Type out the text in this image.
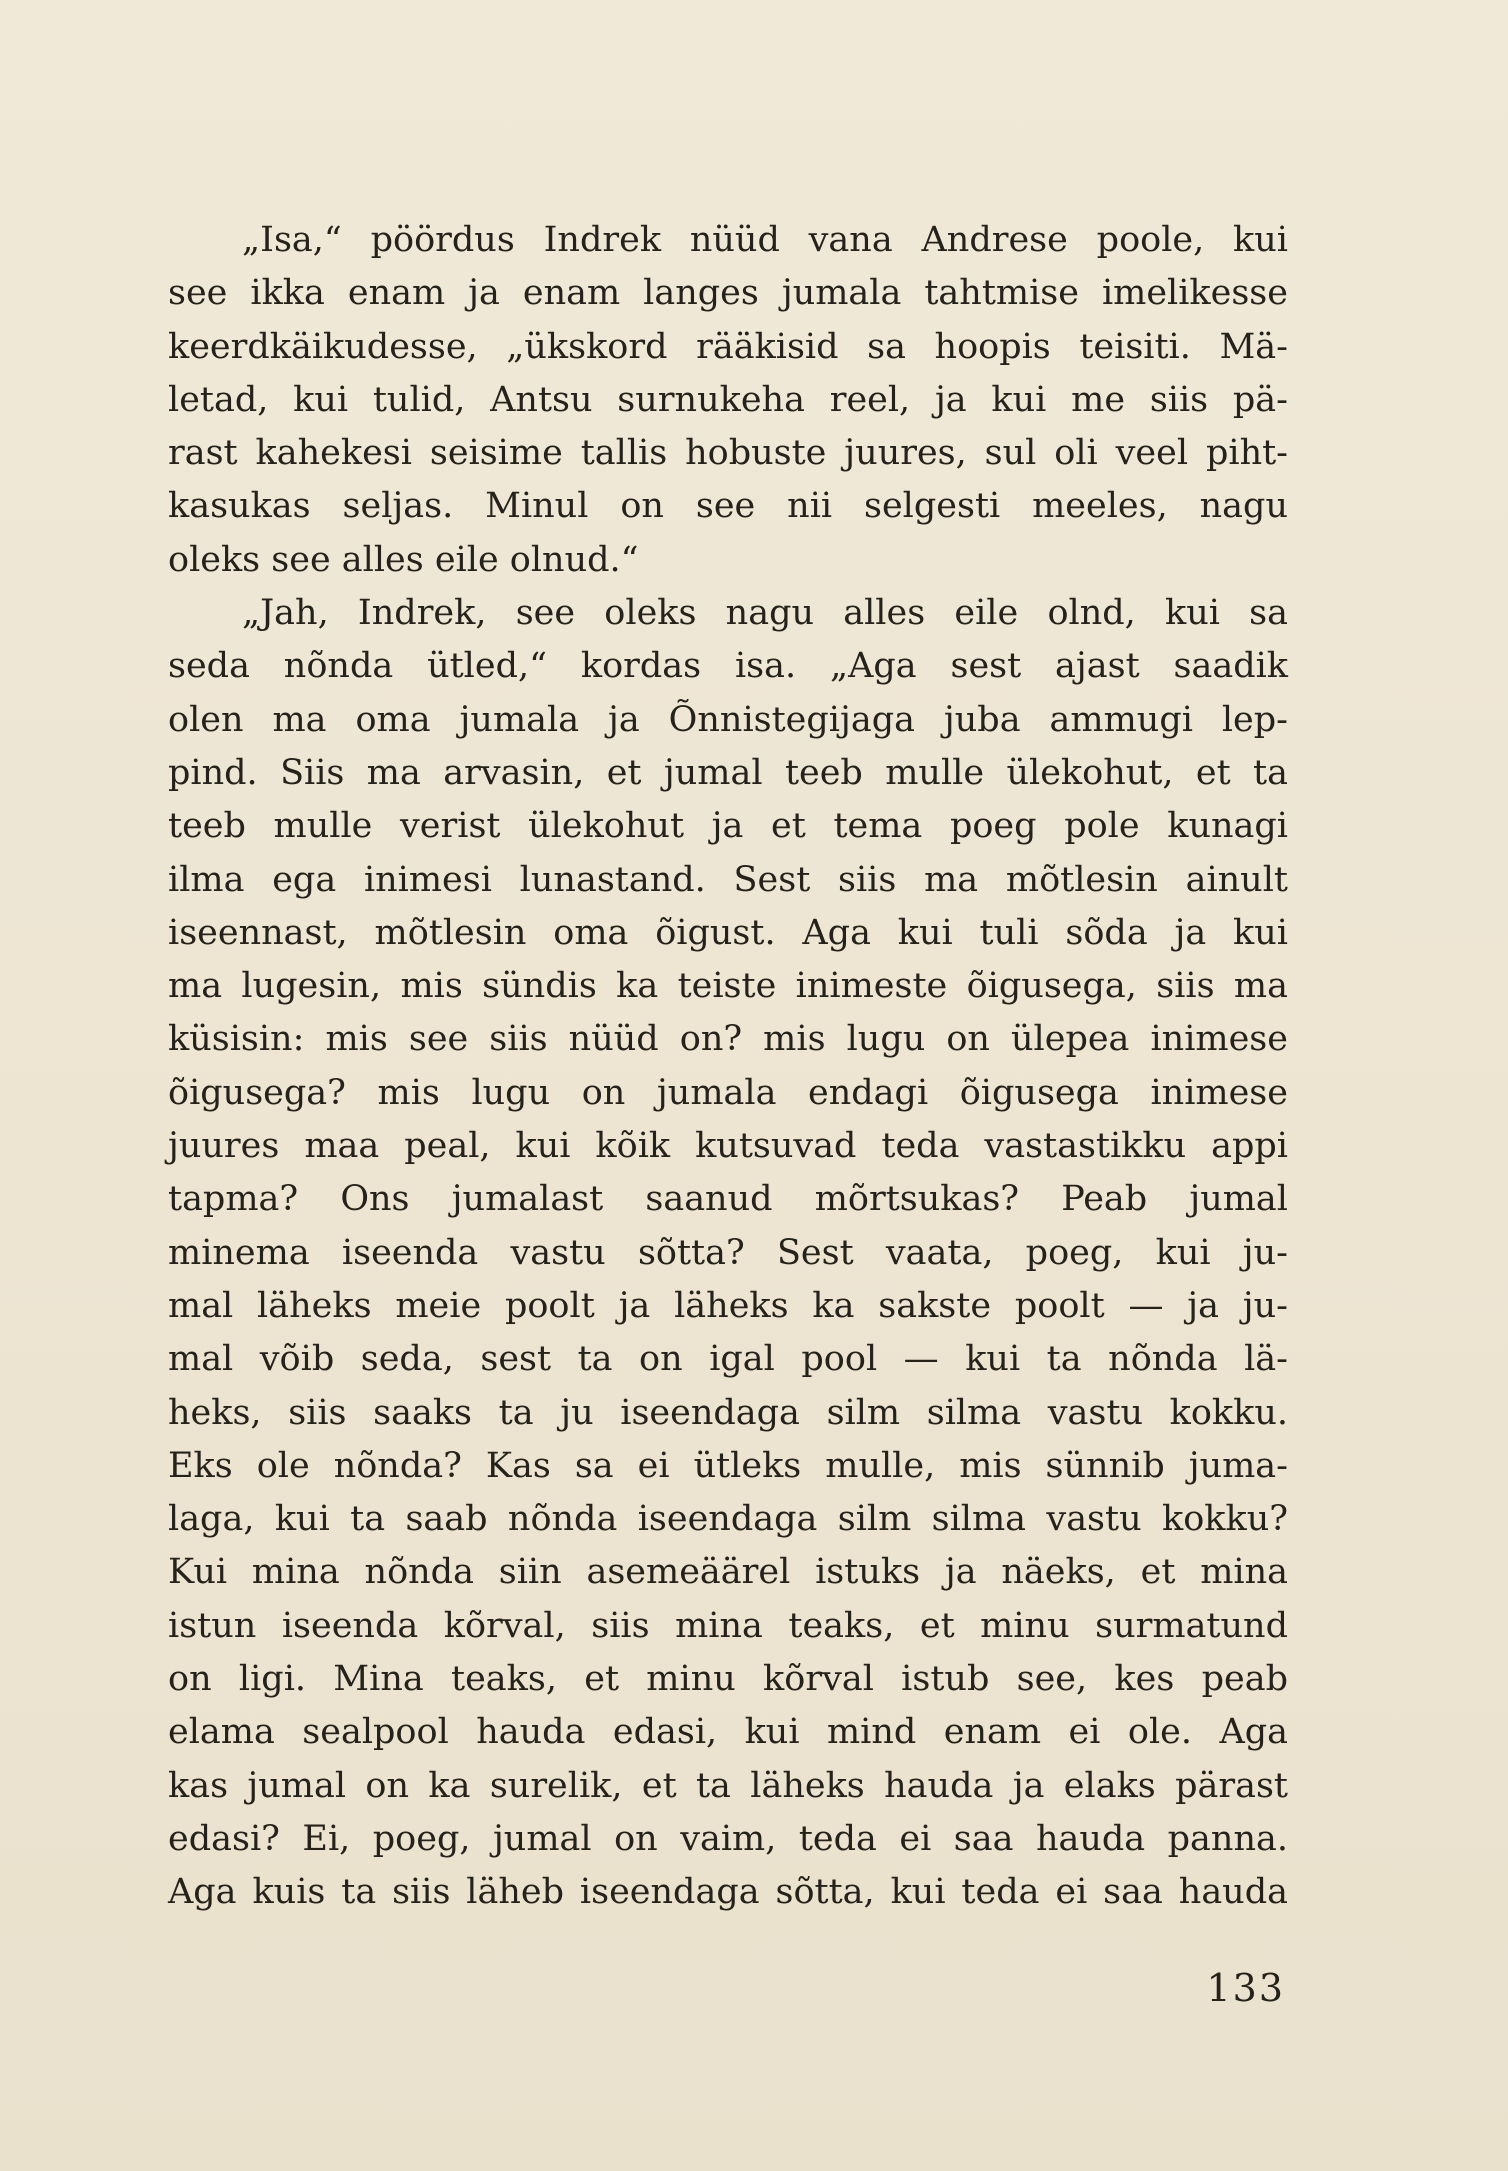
„Isa,“ pöördus Indrek nüüd vana Andrese poole, kui
see ikka enam ja enam langes jumala tahtmise imelikesse
keerdkäikudesse, „ükskord rääkisid sa hoopis teisiti. Mä-
letad, kui tulid, Antsu surnukeha reel, ja kui me siis pä-
rast kahekesi seisime tallis hobuste juures, sul oli veel piht-
kasukas seljas. Minul on see nii selgesti meeles, nagu
oleks see alles eile olnud.“
„Jah, Indrek, see oleks nagu alles eile olnd, kui sa
seda nõnda ütled,“ kordas isa. „Aga sest ajast saadik
olen ma oma jumala ja Õnnistegijaga juba ammugi lep-
pind. Siis ma arvasin, et jumal teeb mulle ülekohut, et ta
teeb mulle verist ülekohut ja et tema poeg pole kunagi
ilma ega inimesi lunastand. Sest siis ma mõtlesin ainult
iseennast, mõtlesin oma õigust. Aga kui tuli sõda ja kui
ma lugesin, mis sündis ka teiste inimeste õigusega, siis ma
küsisin: mis see siis nüüd on? mis lugu on ülepea inimese
õigusega? mis lugu on jumala endagi õigusega inimese
juures maa peal, kui kõik kutsuvad teda vastastikku appi
tapma? Ons jumalast saanud mõrtsukas? Peab jumal
minema iseenda vastu sõtta? Sest vaata, poeg, kui ju-
mal läheks meie poolt ja läheks ka sakste poolt — ja ju-
mal võib seda, sest ta on igal pool — kui ta nõnda lä-
heks, siis saaks ta ju iseendaga silm silma vastu kokku.
Eks ole nõnda? Kas sa ei ütleks mulle, mis sünnib juma-
laga, kui ta saab nõnda iseendaga silm silma vastu kokku?
Kui mina nõnda siin asemeäärel istuks ja näeks, et mina
istun iseenda kõrval, siis mina teaks, et minu surmatund
on ligi. Mina teaks, et minu kõrval istub see, kes peab
elama sealpool hauda edasi, kui mind enam ei ole. Aga
kas jumal on ka surelik, et ta läheks hauda ja elaks pärast
edasi? Ei, poeg, jumal on vaim, teda ei saa hauda panna.
Aga kuis ta siis läheb iseendaga sõtta, kui teda ei saa hauda
133
